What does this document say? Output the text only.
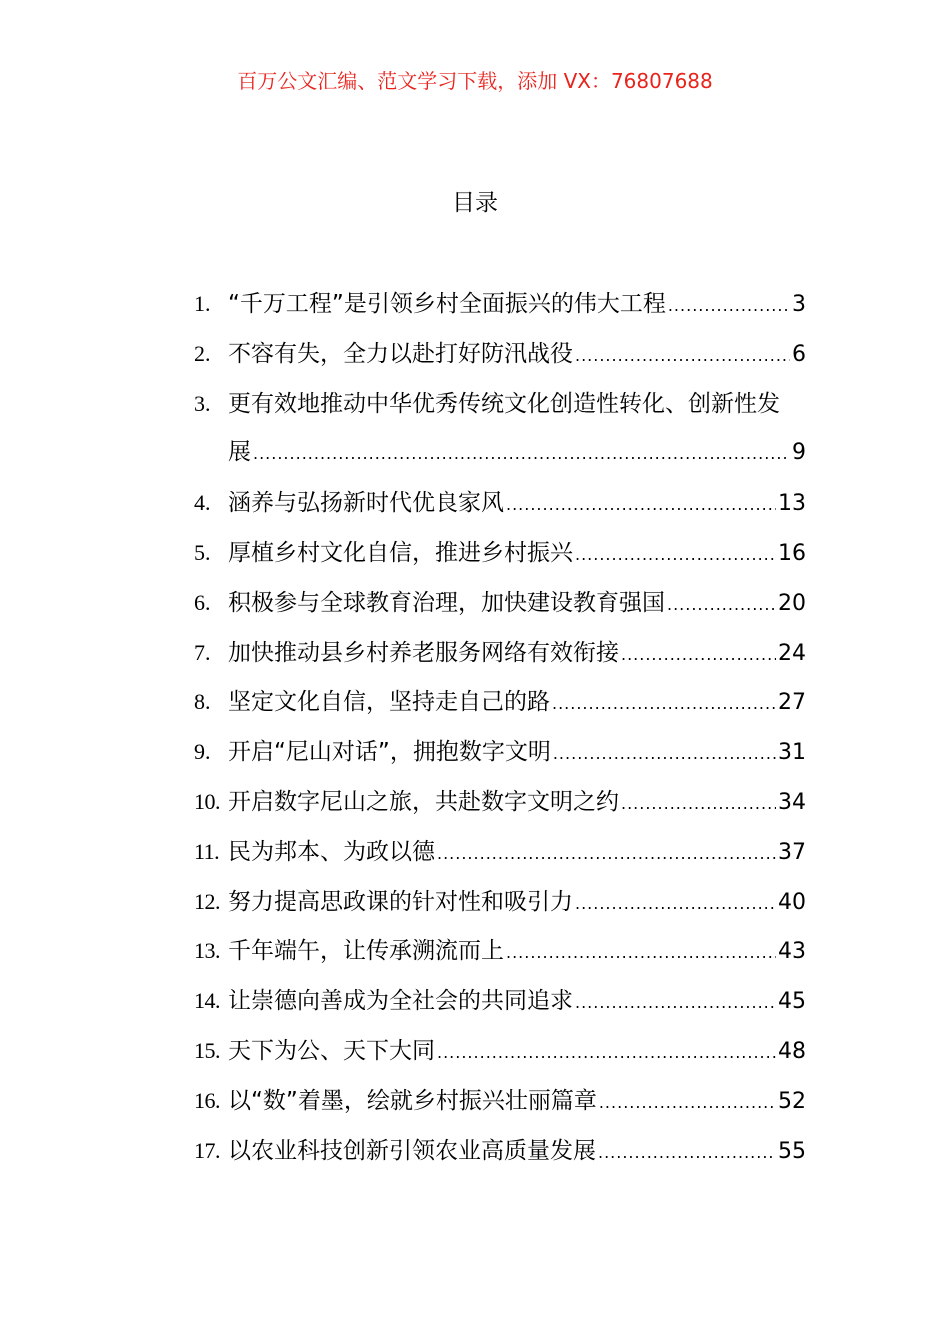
百万公文汇编、范文学习下载，添加 VX：76807688
目录
1. “千万工程”是引领乡村全面振兴的伟大工程 .....	3
2. 不容有失，全力以赴打好防汛战役 .....	6
3. 更有效地推动中华优秀传统文化创造性转化、创新性发
展 .....	9
4. 涵养与弘扬新时代优良家风 .....	13
5. 厚植乡村文化自信，推进乡村振兴 .....	16
6. 积极参与全球教育治理，加快建设教育强国 .....	20
7. 加快推动县乡村养老服务网络有效衔接 .....	24
8. 坚定文化自信，坚持走自己的路 .....	27
9. 开启“尼山对话”，拥抱数字文明 .....	31
10. 开启数字尼山之旅，共赴数字文明之约 .....	34
11. 民为邦本、为政以德 .....	37
12. 努力提高思政课的针对性和吸引力 .....	40
13. 千年端午，让传承溯流而上 .....	43
14. 让崇德向善成为全社会的共同追求 .....	45
15. 天下为公、天下大同 .....	48
16. 以“数”着墨，绘就乡村振兴壮丽篇章 .....	52
17. 以农业科技创新引领农业高质量发展 .....	55
